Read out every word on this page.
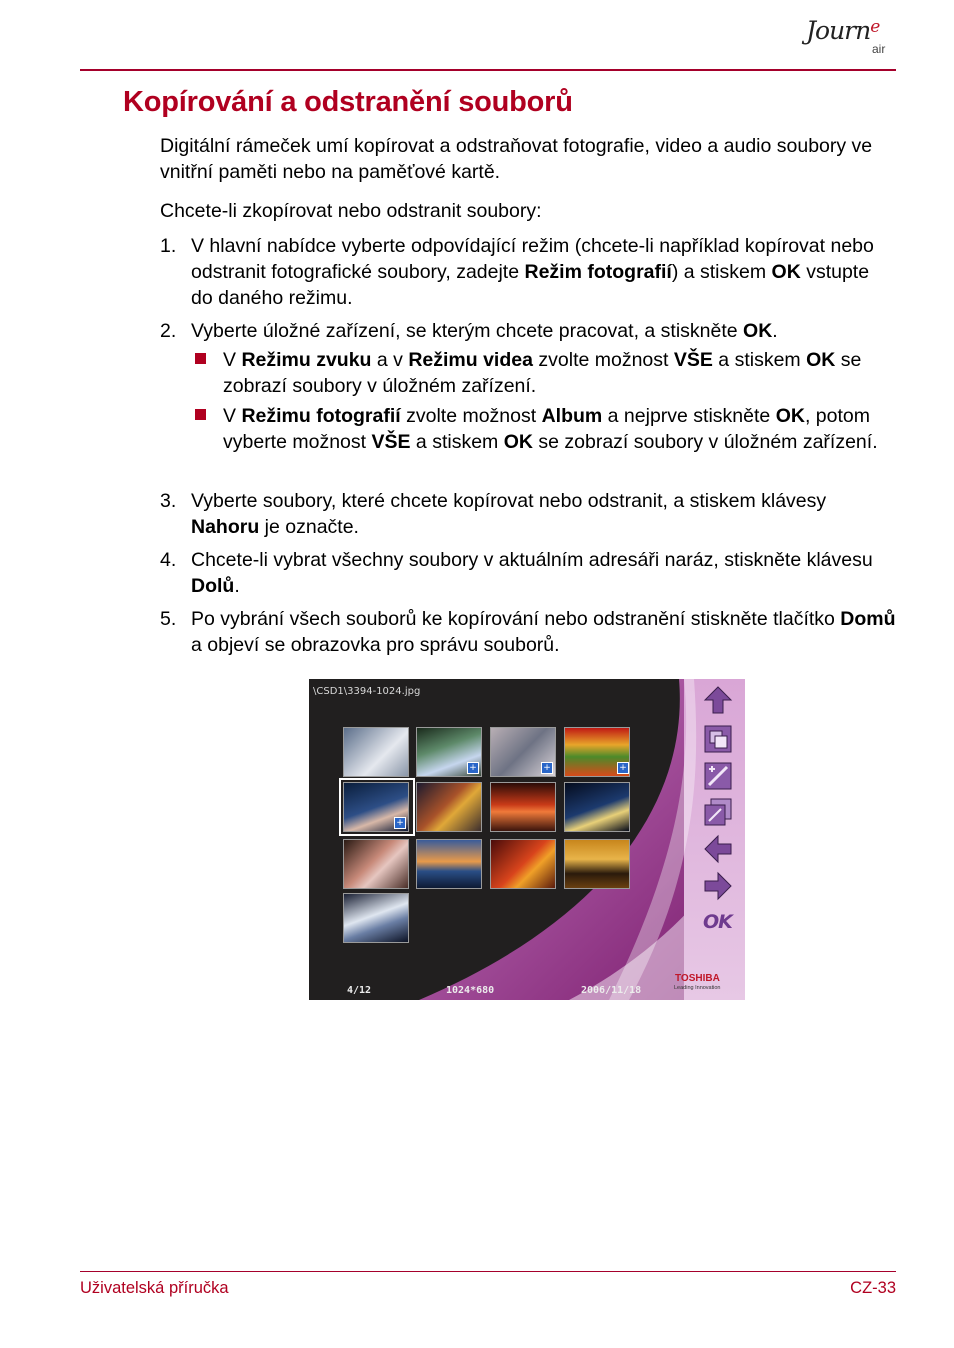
Journ$^e$
air
Kopírování a odstranění souborů

Digitální rámeček umí kopírovat a odstraňovat fotografie, video a audio soubory ve vnitřní paměti nebo na paměťové kartě.

Chcete-li zkopírovat nebo odstranit soubory:

1. V hlavní nabídce vyberte odpovídající režim (chcete-li například kopírovat nebo odstranit fotografické soubory, zadejte Režim fotografií) a stiskem OK vstupte do daného režimu.
2. Vyberte úložné zařízení, se kterým chcete pracovat, a stiskněte OK.
V Režimu zvuku a v Režimu videa zvolte možnost VŠE a stiskem OK se zobrazí soubory v úložném zařízení.
V Režimu fotografií zvolte možnost Album a nejprve stiskněte OK, potom vyberte možnost VŠE a stiskem OK se zobrazí soubory v úložném zařízení.
3. Vyberte soubory, které chcete kopírovat nebo odstranit, a stiskem klávesy Nahoru je označte.
4. Chcete-li vybrat všechny soubory v aktuálním adresáři naráz, stiskněte klávesu Dolů.
5. Po vybrání všech souborů ke kopírování nebo odstranění stiskněte tlačítko Domů a objeví se obrazovka pro správu souborů.
\CSD1\3394-1024.jpg
+	+	+
+
OK
TOSHIBA
Leading Innovation
4/12	1024*680	2006/11/18
Uživatelská příručka	CZ-33
